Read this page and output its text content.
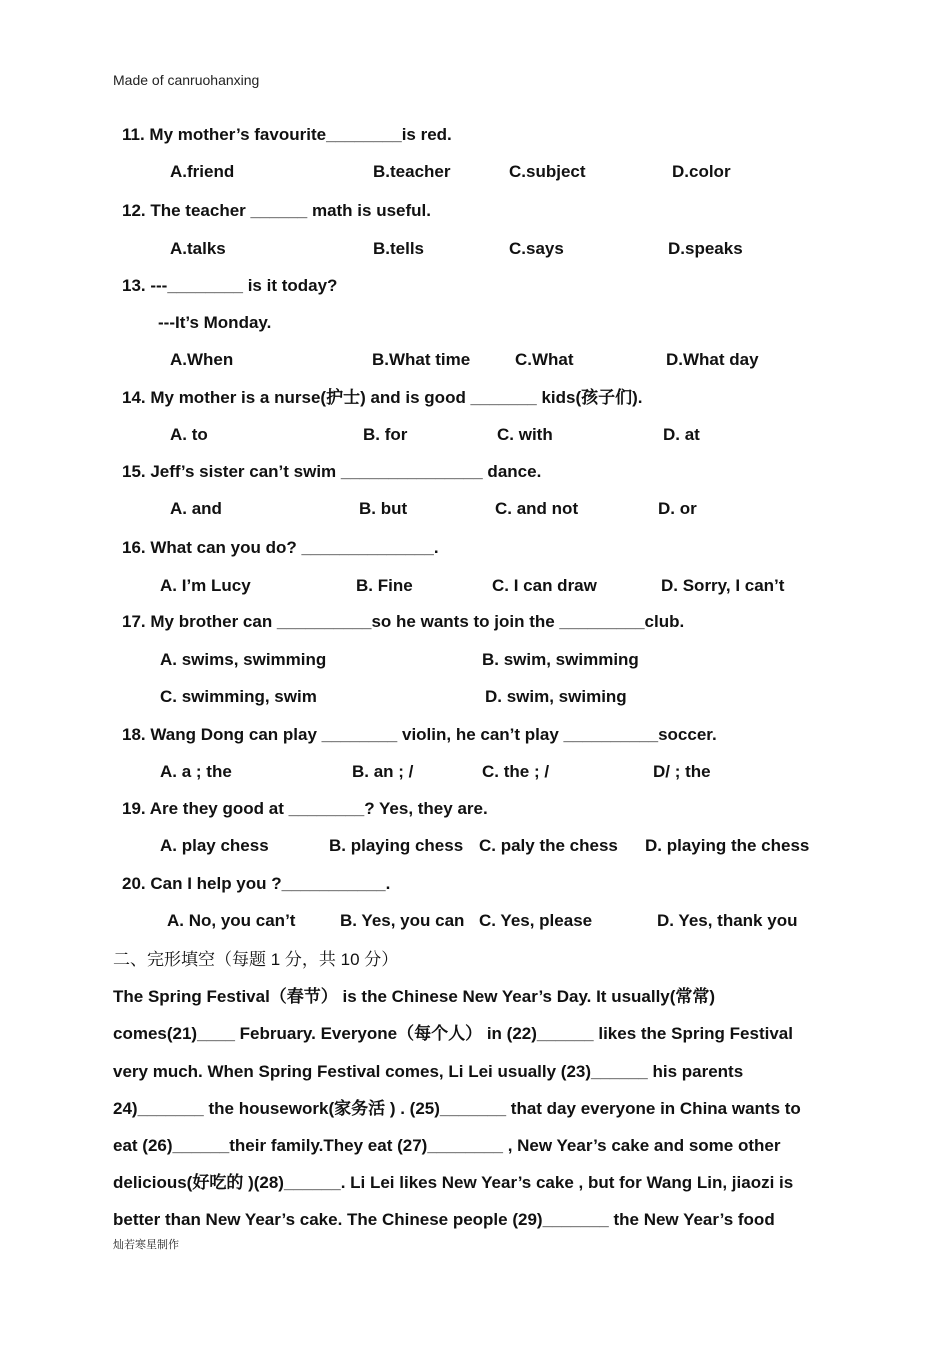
Made of canruohanxing
11. My mother’s favourite________is red.
A.friend	B.teacher	C.subject	D.color
12. The teacher ______ math is useful.
A.talks	B.tells	C.says	D.speaks
13. ---________ is it today?
---It’s Monday.
A.When	B.What time	C.What	D.What day
14. My mother is a nurse(护士) and is good _______ kids(孩子们).
A. to	B. for	C. with	D. at
15. Jeff’s sister can’t swim _______________ dance.
A. and	B. but	C. and not	D. or
16. What can you do? ______________.
A. I’m Lucy	B. Fine	C. I can draw	D. Sorry, I can’t
17. My brother can __________so he wants to join the _________club.
A. swims, swimming	B. swim, swimming
C. swimming, swim	D. swim, swiming
18. Wang Dong can play ________ violin, he can’t play __________soccer.
A. a ; the	B. an ; /	C. the ; /	D/ ; the
19. Are they good at ________? Yes, they are.
A. play chess	B. playing chess C. paly the chess D. playing the chess
20. Can I help you ?___________.
A. No, you can’t	B. Yes, you can C. Yes, please	D. Yes, thank you
二、完形填空（每题 1 分，共 10 分）
The Spring Festival（春节） is the Chinese New Year’s Day. It usually(常常)
comes(21)____ February. Everyone（每个人） in (22)______ likes the Spring Festival
very much. When Spring Festival comes, Li Lei usually (23)______ his parents
24)_______ the housework(家务活 ) . (25)_______ that day everyone in China wants to
eat (26)______their family.They eat (27)________ , New Year’s cake and some other
delicious(好吃的 )(28)______. Li Lei likes New Year’s cake , but for Wang Lin, jiaozi is
better than New Year’s cake. The Chinese people (29)_______ the New Year’s food
灿若寒星制作
